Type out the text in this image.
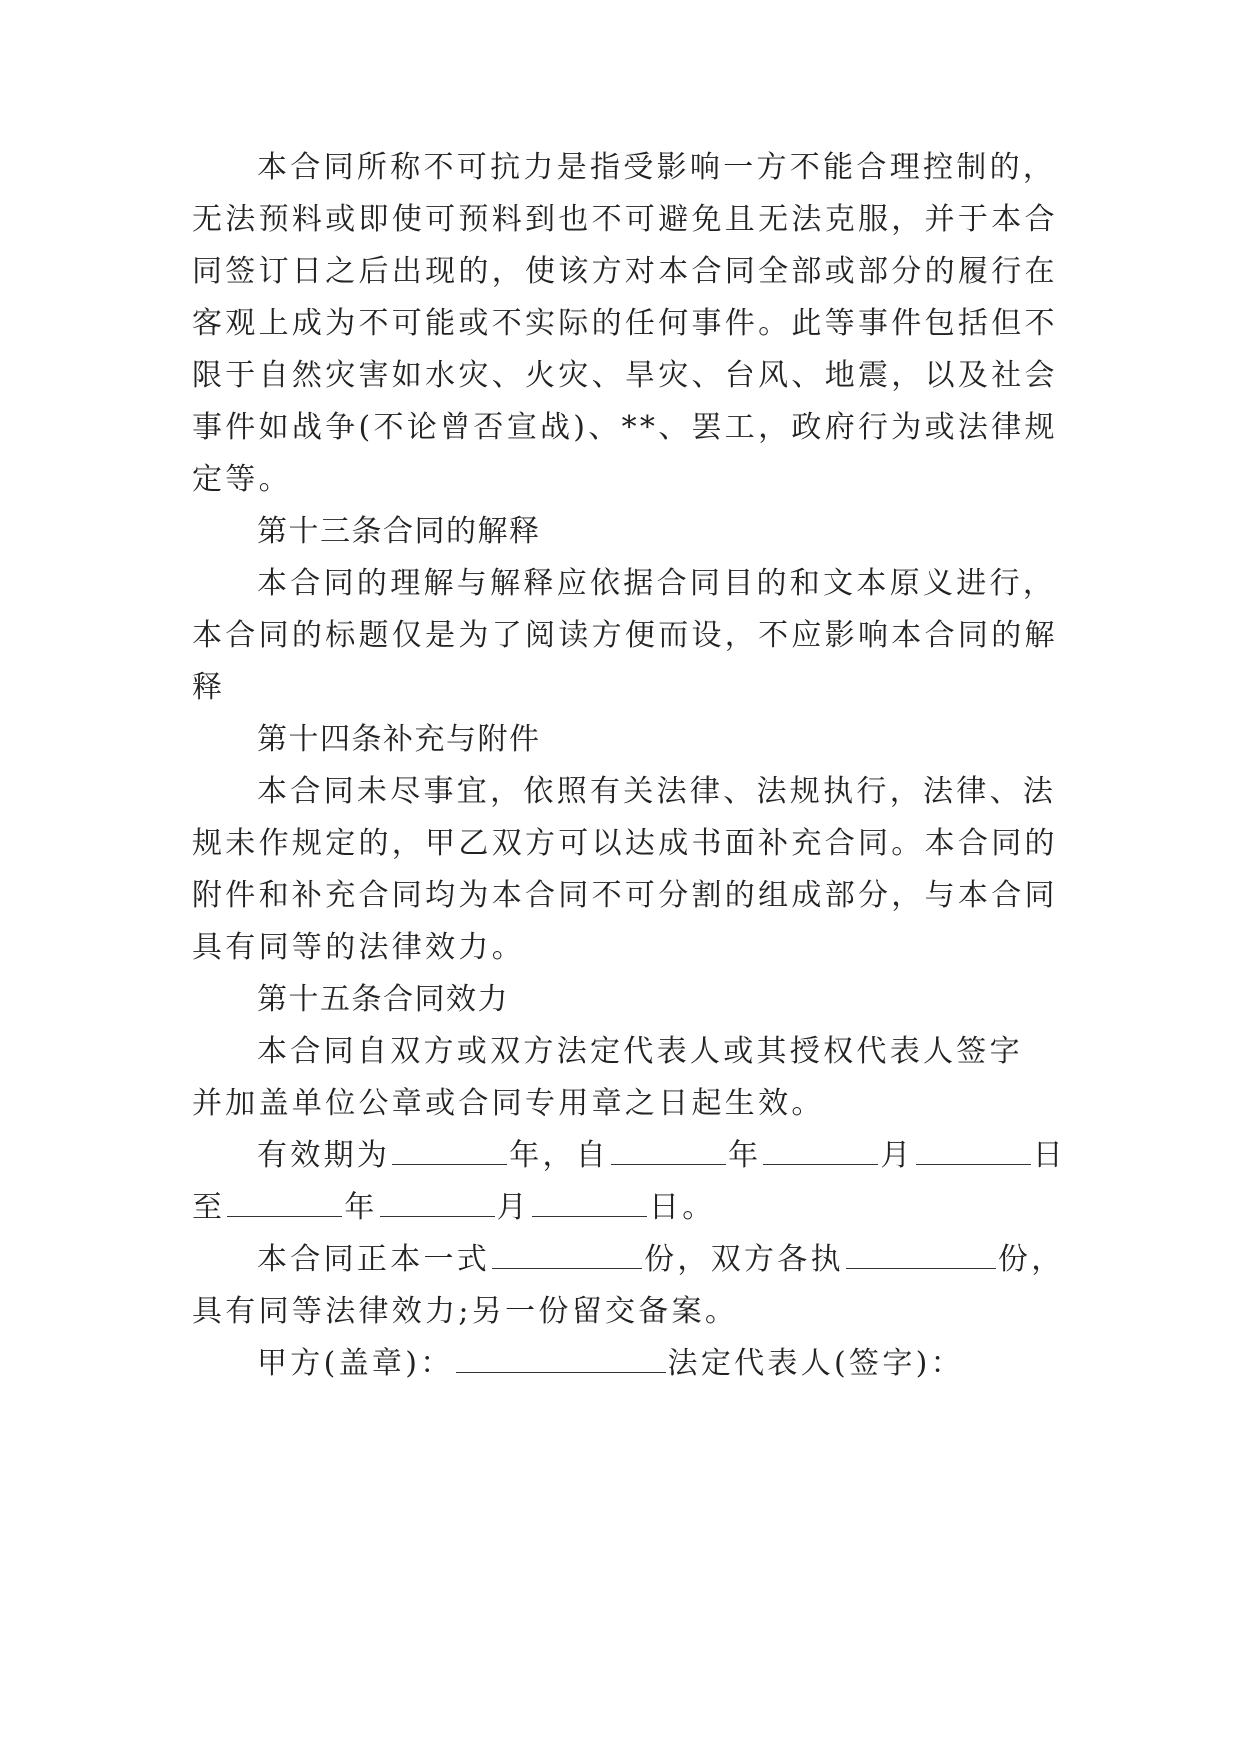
本合同所称不可抗力是指受影响一方不能合理控制的，
无法预料或即使可预料到也不可避免且无法克服，并于本合
同签订日之后出现的，使该方对本合同全部或部分的履行在
客观上成为不可能或不实际的任何事件。此等事件包括但不
限于自然灾害如水灾、火灾、旱灾、台风、地震，以及社会
事件如战争(不论曾否宣战)、**、罢工，政府行为或法律规
定等。
第十三条合同的解释
本合同的理解与解释应依据合同目的和文本原义进行，
本合同的标题仅是为了阅读方便而设，不应影响本合同的解
释
第十四条补充与附件
本合同未尽事宜，依照有关法律、法规执行，法律、法
规未作规定的，甲乙双方可以达成书面补充合同。本合同的
附件和补充合同均为本合同不可分割的组成部分，与本合同
具有同等的法律效力。
第十五条合同效力
本合同自双方或双方法定代表人或其授权代表人签字
并加盖单位公章或合同专用章之日起生效。
有效期为	年，自	年	月	日
至	年	月	日。
本合同正本一式	份，双方各执	份，
具有同等法律效力;另一份留交备案。
甲方(盖章)：	法定代表人(签字)：
